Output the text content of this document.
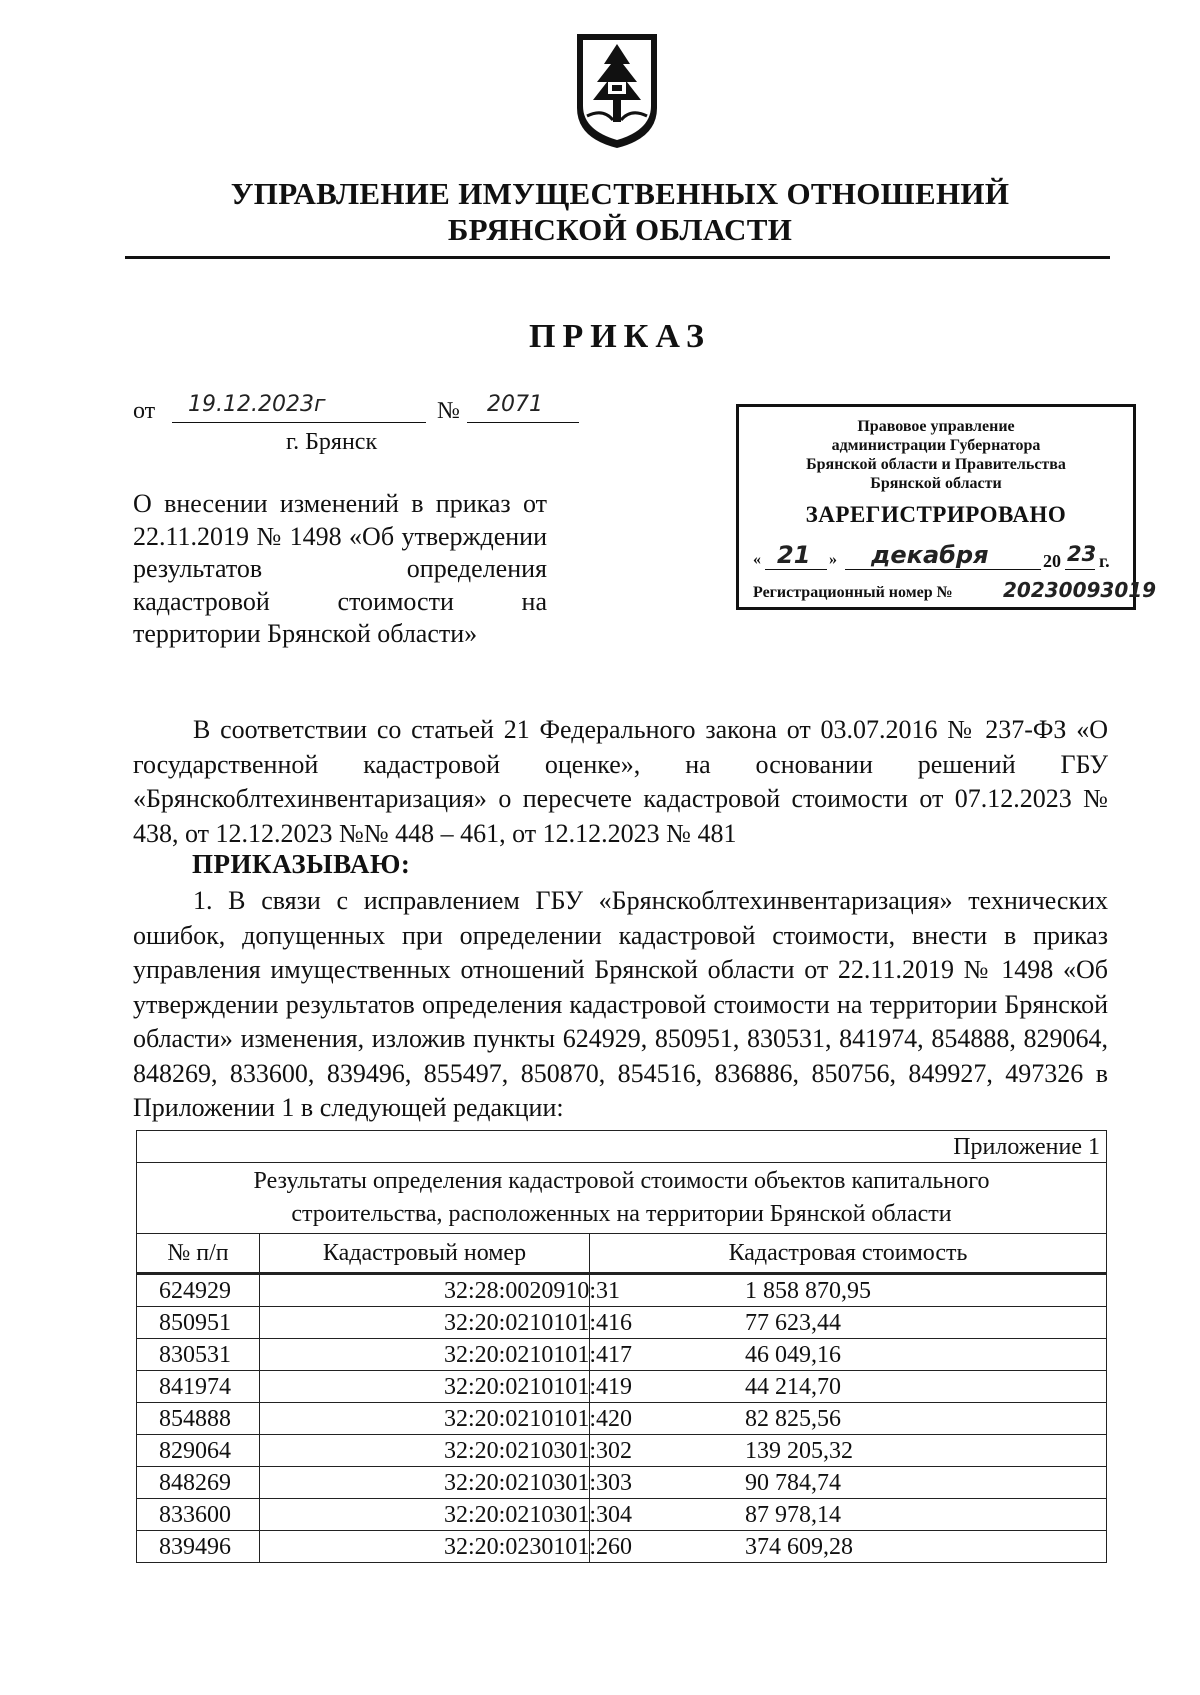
УПРАВЛЕНИЕ ИМУЩЕСТВЕННЫХ ОТНОШЕНИЙ
БРЯНСКОЙ ОБЛАСТИ
ПРИКАЗ
от 19.12.2023г	№ 2071
г. Брянск
О внесении изменений в приказ от 22.11.2019 № 1498 «Об утверждении результатов определения кадастровой стоимости на территории Брянской области»
Правовое управление
администрации Губернатора
Брянской области и Правительства
Брянской области
ЗАРЕГИСТРИРОВАНО
« 21 » декабря	20 23 г.
Регистрационный номер №	20230093019
В соответствии со статьей 21 Федерального закона от 03.07.2016 № 237-ФЗ «О государственной кадастровой оценке», на основании решений ГБУ «Брянскоблтехинвентаризация» о пересчете кадастровой стоимости от 07.12.2023 № 438, от 12.12.2023 №№ 448 – 461, от 12.12.2023 № 481
ПРИКАЗЫВАЮ:
1. В связи с исправлением ГБУ «Брянскоблтехинвентаризация» технических ошибок, допущенных при определении кадастровой стоимости, внести в приказ управления имущественных отношений Брянской области от 22.11.2019 № 1498 «Об утверждении результатов определения кадастровой стоимости на территории Брянской области» изменения, изложив пункты 624929, 850951, 830531, 841974, 854888, 829064, 848269, 833600, 839496, 855497, 850870, 854516, 836886, 850756, 849927, 497326 в Приложении 1 в следующей редакции:
Приложение 1		
Результаты определения кадастровой стоимости объектов капитального строительства, расположенных на территории Брянской области		
№ п/п	Кадастровый номер	Кадастровая стоимость
624929	32:28:0020910:31	1 858 870,95
850951	32:20:0210101:416	77 623,44
830531	32:20:0210101:417	46 049,16
841974	32:20:0210101:419	44 214,70
854888	32:20:0210101:420	82 825,56
829064	32:20:0210301:302	139 205,32
848269	32:20:0210301:303	90 784,74
833600	32:20:0210301:304	87 978,14
839496	32:20:0230101:260	374 609,28
